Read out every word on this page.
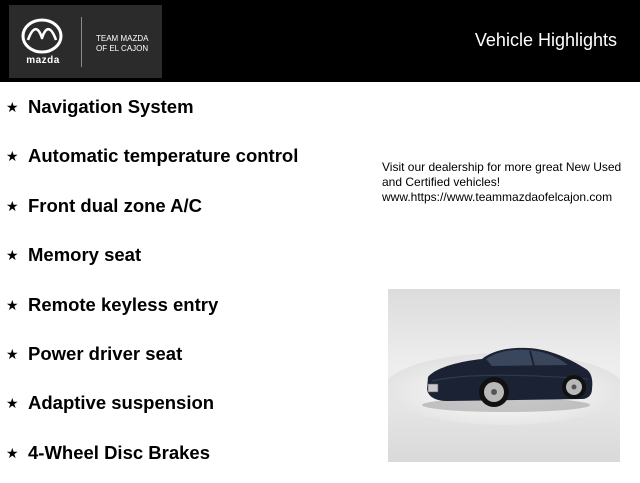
mazda
TEAM MAZDA
OF EL CAJON	Vehicle Highlights
★ Navigation System
★ Automatic temperature control
★ Front dual zone A/C
★ Memory seat
★ Remote keyless entry
★ Power driver seat
★ Adaptive suspension
★ 4-Wheel Disc Brakes
Visit our dealership for more great New Used
and Certified vehicles!
www.https://www.teammazdaofelcajon.com
